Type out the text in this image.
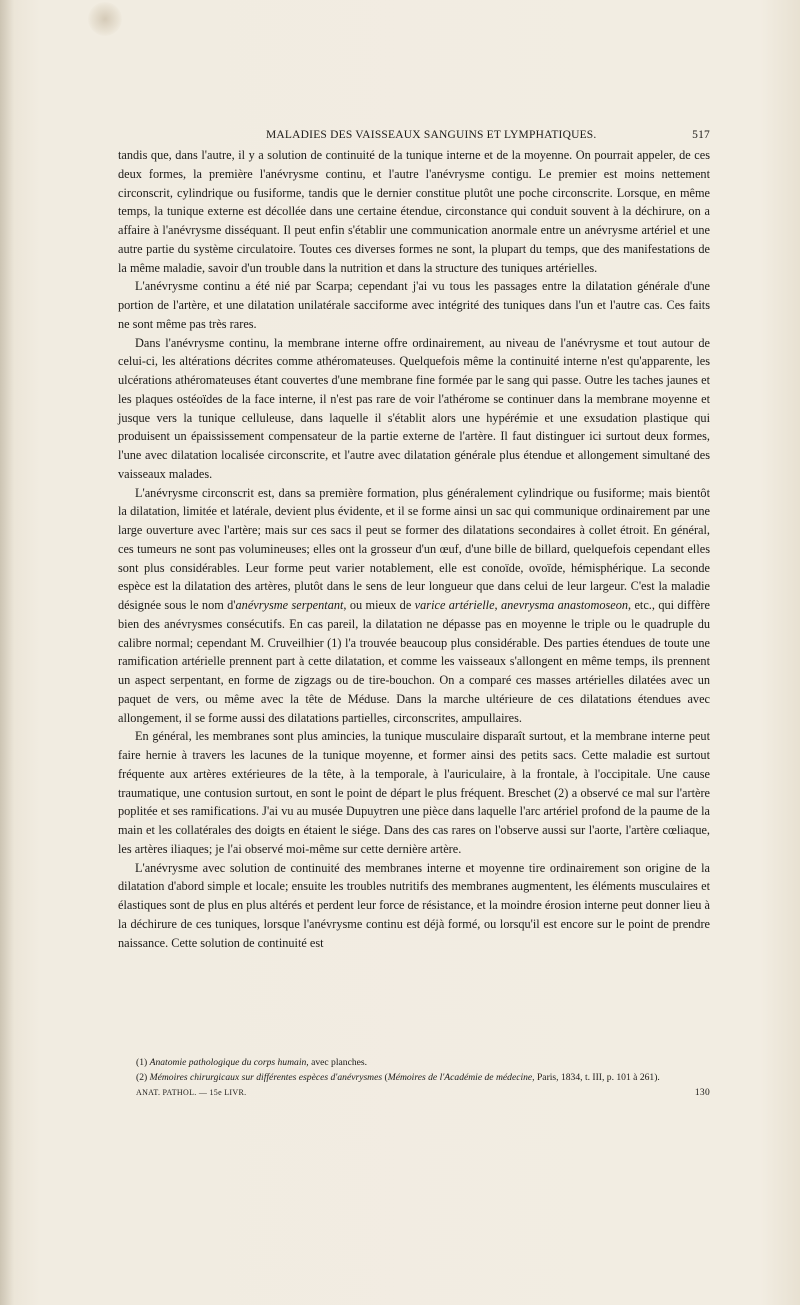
MALADIES DES VAISSEAUX SANGUINS ET LYMPHATIQUES.	517

tandis que, dans l'autre, il y a solution de continuité de la tunique interne et de la moyenne. On pourrait appeler, de ces deux formes, la première l'anévrysme continu, et l'autre l'anévrysme contigu. Le premier est moins nettement circonscrit, cylindrique ou fusiforme, tandis que le dernier constitue plutôt une poche circonscrite. Lorsque, en même temps, la tunique externe est décollée dans une certaine étendue, circonstance qui conduit souvent à la déchirure, on a affaire à l'anévrysme disséquant. Il peut enfin s'établir une communication anormale entre un anévrysme artériel et une autre partie du système circulatoire. Toutes ces diverses formes ne sont, la plupart du temps, que des manifestations de la même maladie, savoir d'un trouble dans la nutrition et dans la structure des tuniques artérielles.

L'anévrysme continu a été nié par Scarpa; cependant j'ai vu tous les passages entre la dilatation générale d'une portion de l'artère, et une dilatation unilatérale sacciforme avec intégrité des tuniques dans l'un et l'autre cas. Ces faits ne sont même pas très rares.

Dans l'anévrysme continu, la membrane interne offre ordinairement, au niveau de l'anévrysme et tout autour de celui-ci, les altérations décrites comme athéromateuses. Quelquefois même la continuité interne n'est qu'apparente, les ulcérations athéromateuses étant couvertes d'une membrane fine formée par le sang qui passe. Outre les taches jaunes et les plaques ostéoïdes de la face interne, il n'est pas rare de voir l'athérome se continuer dans la membrane moyenne et jusque vers la tunique celluleuse, dans laquelle il s'établit alors une hypérémie et une exsudation plastique qui produisent un épaississement compensateur de la partie externe de l'artère. Il faut distinguer ici surtout deux formes, l'une avec dilatation localisée circonscrite, et l'autre avec dilatation générale plus étendue et allongement simultané des vaisseaux malades.

L'anévrysme circonscrit est, dans sa première formation, plus généralement cylindrique ou fusiforme; mais bientôt la dilatation, limitée et latérale, devient plus évidente, et il se forme ainsi un sac qui communique ordinairement par une large ouverture avec l'artère; mais sur ces sacs il peut se former des dilatations secondaires à collet étroit. En général, ces tumeurs ne sont pas volumineuses; elles ont la grosseur d'un œuf, d'une bille de billard, quelquefois cependant elles sont plus considérables. Leur forme peut varier notablement, elle est conoïde, ovoïde, hémisphérique. La seconde espèce est la dilatation des artères, plutôt dans le sens de leur longueur que dans celui de leur largeur. C'est la maladie désignée sous le nom d'anévrysme serpentant, ou mieux de varice artérielle, anevrysma anastomoseon, etc., qui diffère bien des anévrysmes consécutifs. En cas pareil, la dilatation ne dépasse pas en moyenne le triple ou le quadruple du calibre normal; cependant M. Cruveilhier (1) l'a trouvée beaucoup plus considérable. Des parties étendues de toute une ramification artérielle prennent part à cette dilatation, et comme les vaisseaux s'allongent en même temps, ils prennent un aspect serpentant, en forme de zigzags ou de tire-bouchon. On a comparé ces masses artérielles dilatées avec un paquet de vers, ou même avec la tête de Méduse. Dans la marche ultérieure de ces dilatations étendues avec allongement, il se forme aussi des dilatations partielles, circonscrites, ampullaires.

En général, les membranes sont plus amincies, la tunique musculaire disparaît surtout, et la membrane interne peut faire hernie à travers les lacunes de la tunique moyenne, et former ainsi des petits sacs. Cette maladie est surtout fréquente aux artères extérieures de la tête, à la temporale, à l'auriculaire, à la frontale, à l'occipitale. Une cause traumatique, une contusion surtout, en sont le point de départ le plus fréquent. Breschet (2) a observé ce mal sur l'artère poplitée et ses ramifications. J'ai vu au musée Dupuytren une pièce dans laquelle l'arc artériel profond de la paume de la main et les collatérales des doigts en étaient le siége. Dans des cas rares on l'observe aussi sur l'aorte, l'artère cœliaque, les artères iliaques; je l'ai observé moi-même sur cette dernière artère.

L'anévrysme avec solution de continuité des membranes interne et moyenne tire ordinairement son origine de la dilatation d'abord simple et locale; ensuite les troubles nutritifs des membranes augmentent, les éléments musculaires et élastiques sont de plus en plus altérés et perdent leur force de résistance, et la moindre érosion interne peut donner lieu à la déchirure de ces tuniques, lorsque l'anévrysme continu est déjà formé, ou lorsqu'il est encore sur le point de prendre naissance. Cette solution de continuité est

(1) Anatomie pathologique du corps humain, avec planches.

(2) Mémoires chirurgicaux sur différentes espèces d'anévrysmes (Mémoires de l'Académie de médecine, Paris, 1834, t. III, p. 101 à 261).

ANAT. PATHOL. — 15e LIVR.	130
